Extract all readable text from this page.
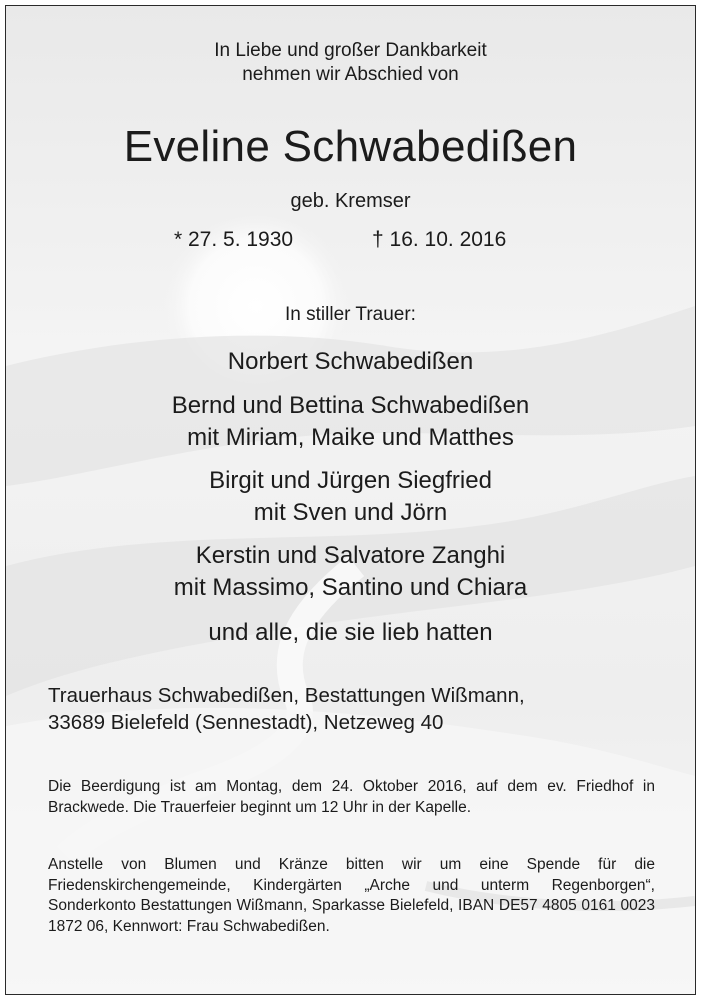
In Liebe und großer Dankbarkeit
nehmen wir Abschied von
Eveline Schwabedißen
geb. Kremser
* 27. 5. 1930	† 16. 10. 2016
In stiller Trauer:
Norbert Schwabedißen
Bernd und Bettina Schwabedißen
mit Miriam, Maike und Matthes
Birgit und Jürgen Siegfried
mit Sven und Jörn
Kerstin und Salvatore Zanghi
mit Massimo, Santino und Chiara
und alle, die sie lieb hatten
Trauerhaus Schwabedißen, Bestattungen Wißmann,
33689 Bielefeld (Sennestadt), Netzeweg 40
Die Beerdigung ist am Montag, dem 24. Oktober 2016, auf dem ev. Friedhof in Brackwede. Die Trauerfeier beginnt um 12 Uhr in der Kapelle.
Anstelle von Blumen und Kränze bitten wir um eine Spende für die Friedenskirchengemeinde, Kindergärten „Arche und unterm Regenborgen“, Sonderkonto Bestattungen Wißmann, Sparkasse Bielefeld, IBAN DE57 4805 0161 0023 1872 06, Kennwort: Frau Schwabedißen.
